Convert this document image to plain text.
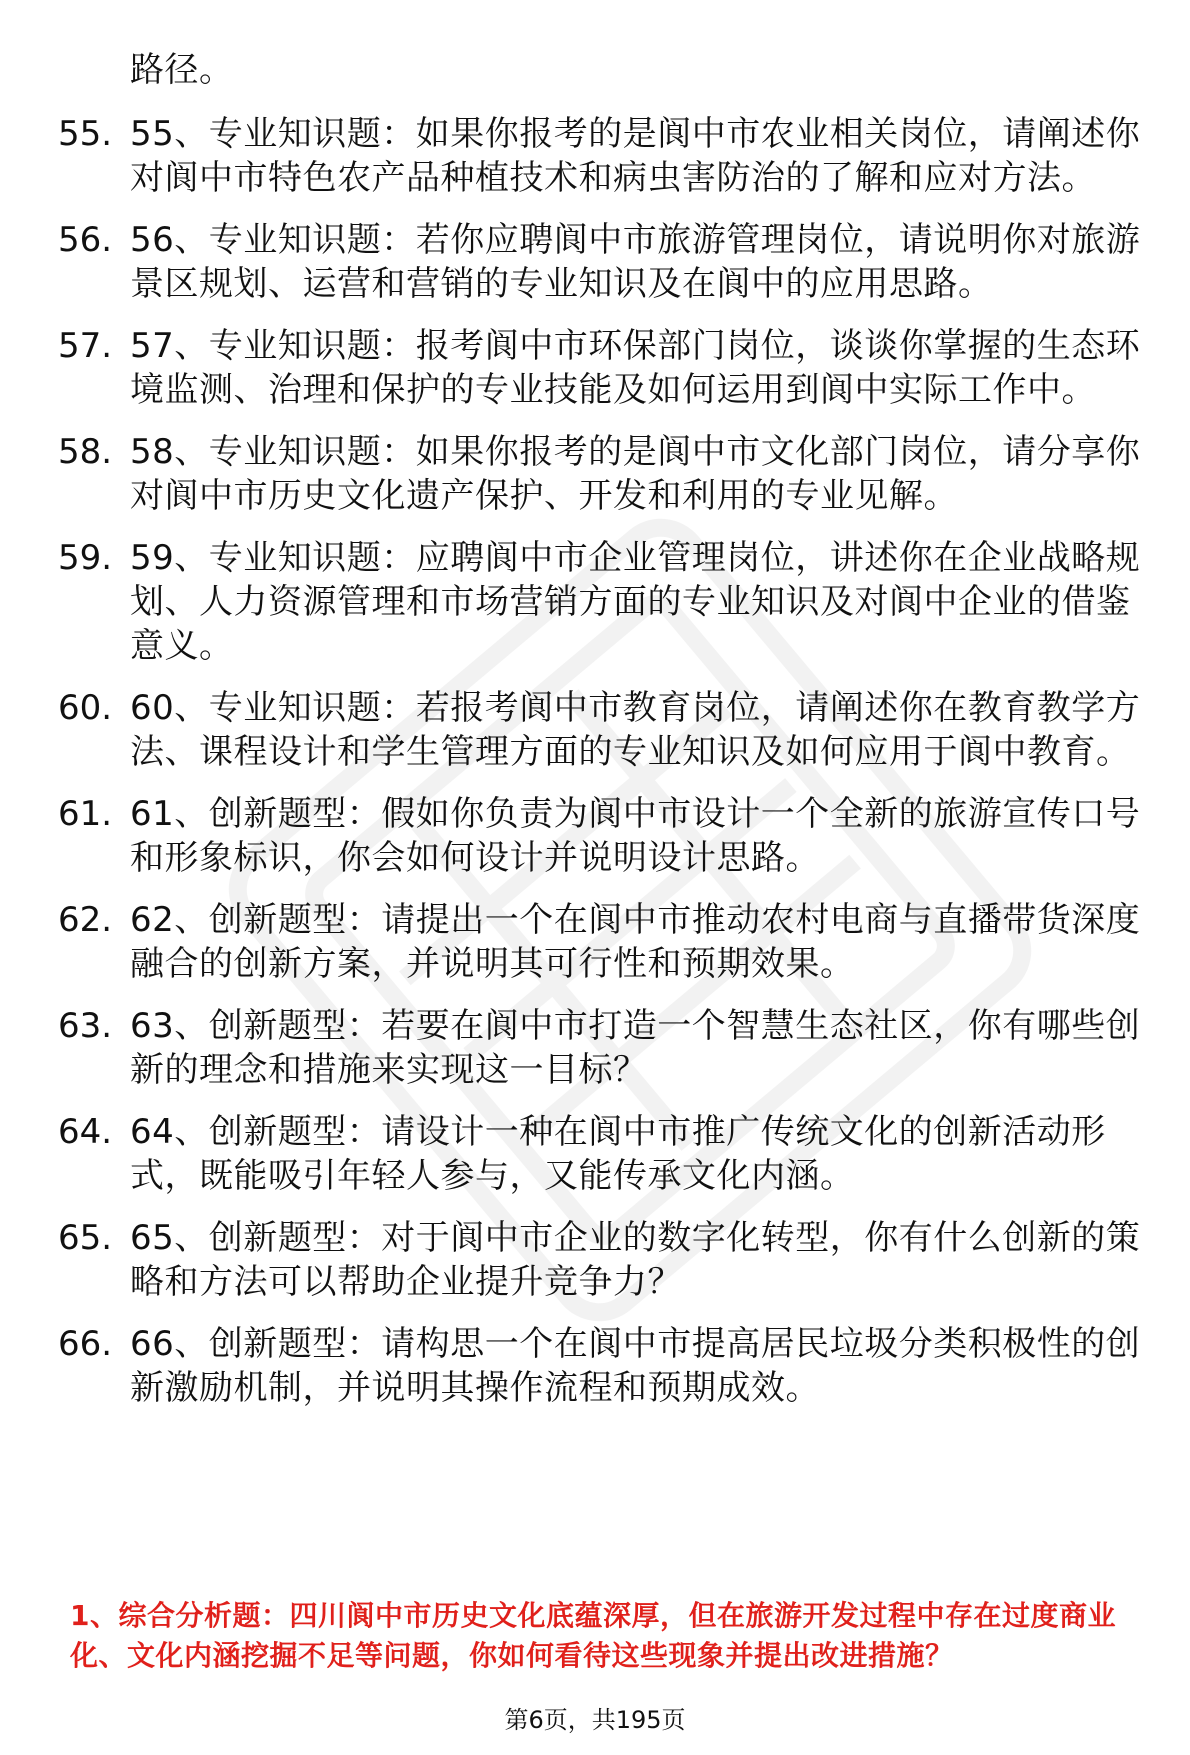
路径。
55. 55、专业知识题：如果你报考的是阆中市农业相关岗位，请阐述你对阆中市特色农产品种植技术和病虫害防治的了解和应对方法。
56. 56、专业知识题：若你应聘阆中市旅游管理岗位，请说明你对旅游景区规划、运营和营销的专业知识及在阆中的应用思路。
57. 57、专业知识题：报考阆中市环保部门岗位，谈谈你掌握的生态环境监测、治理和保护的专业技能及如何运用到阆中实际工作中。
58. 58、专业知识题：如果你报考的是阆中市文化部门岗位，请分享你对阆中市历史文化遗产保护、开发和利用的专业见解。
59. 59、专业知识题：应聘阆中市企业管理岗位，讲述你在企业战略规划、人力资源管理和市场营销方面的专业知识及对阆中企业的借鉴意义。
60. 60、专业知识题：若报考阆中市教育岗位，请阐述你在教育教学方法、课程设计和学生管理方面的专业知识及如何应用于阆中教育。
61. 61、创新题型：假如你负责为阆中市设计一个全新的旅游宣传口号和形象标识，你会如何设计并说明设计思路。
62. 62、创新题型：请提出一个在阆中市推动农村电商与直播带货深度融合的创新方案，并说明其可行性和预期效果。
63. 63、创新题型：若要在阆中市打造一个智慧生态社区，你有哪些创新的理念和措施来实现这一目标？
64. 64、创新题型：请设计一种在阆中市推广传统文化的创新活动形式，既能吸引年轻人参与，又能传承文化内涵。
65. 65、创新题型：对于阆中市企业的数字化转型，你有什么创新的策略和方法可以帮助企业提升竞争力？
66. 66、创新题型：请构思一个在阆中市提高居民垃圾分类积极性的创新激励机制，并说明其操作流程和预期成效。
1、综合分析题：四川阆中市历史文化底蕴深厚，但在旅游开发过程中存在过度商业化、文化内涵挖掘不足等问题，你如何看待这些现象并提出改进措施？
第6页，共195页
